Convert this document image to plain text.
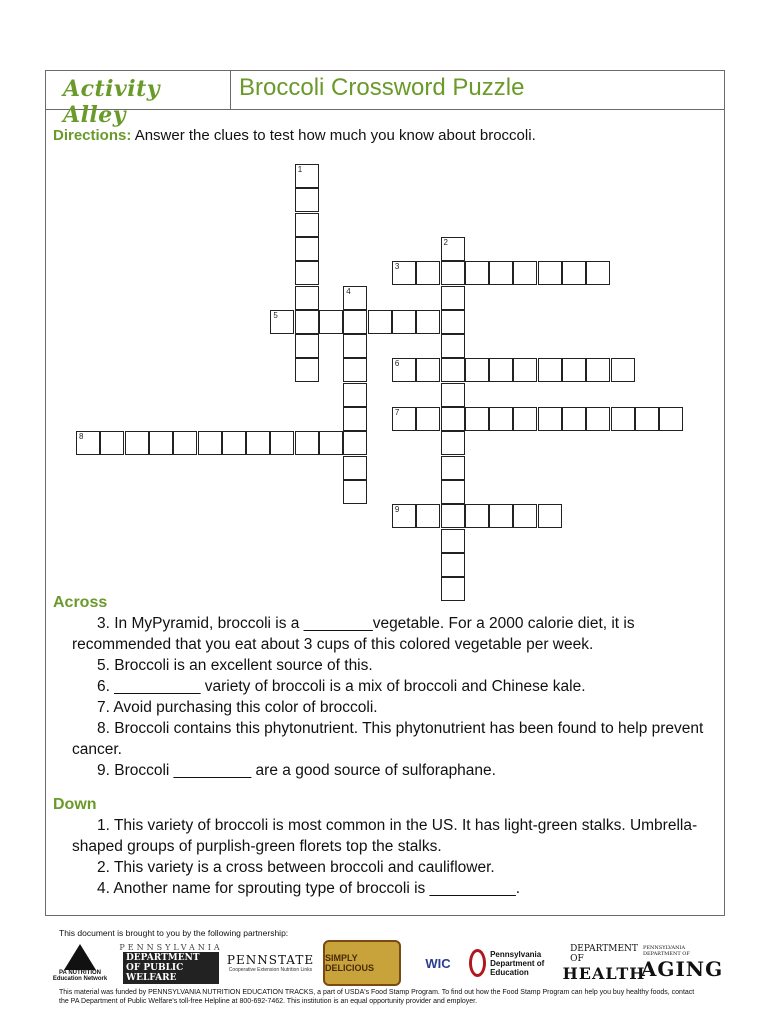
Activity Alley
Broccoli Crossword Puzzle
Directions: Answer the clues to test how much you know about broccoli.
1
2
3
4
5
6
7
8
9
Across
3. In MyPyramid, broccoli is a ________vegetable. For a 2000 calorie diet, it is recommended that you eat about 3 cups of this colored vegetable per week.
5. Broccoli is an excellent source of this.
6. __________ variety of broccoli is a mix of broccoli and Chinese kale.
7. Avoid purchasing this color of broccoli.
8. Broccoli contains this phytonutrient. This phytonutrient has been found to help prevent cancer.
9. Broccoli _________ are a good source of sulforaphane.
Down
1. This variety of broccoli is most common in the US. It has light-green stalks. Umbrella-shaped groups of purplish-green florets top the stalks.
2. This variety is a cross between broccoli and cauliflower.
4. Another name for sprouting type of broccoli is __________.
This document is brought to you by the following partnership:
PA NUTRITION Education Network
PENNSYLVANIA
DEPARTMENT OF PUBLIC WELFARE
PENNSTATE
Cooperative Extension Nutrition Links
SIMPLY DELICIOUS	WIC
Pennsylvania Department of Education
DEPARTMENT OF
HEALTH
PENNSYLVANIA DEPARTMENT OF
AGING
This material was funded by PENNSYLVANIA NUTRITION EDUCATION TRACKS, a part of USDA's Food Stamp Program. To find out how the Food Stamp Program can help you buy healthy foods, contact the PA Department of Public Welfare's toll-free Helpline at 800-692-7462. This institution is an equal opportunity provider and employer.
